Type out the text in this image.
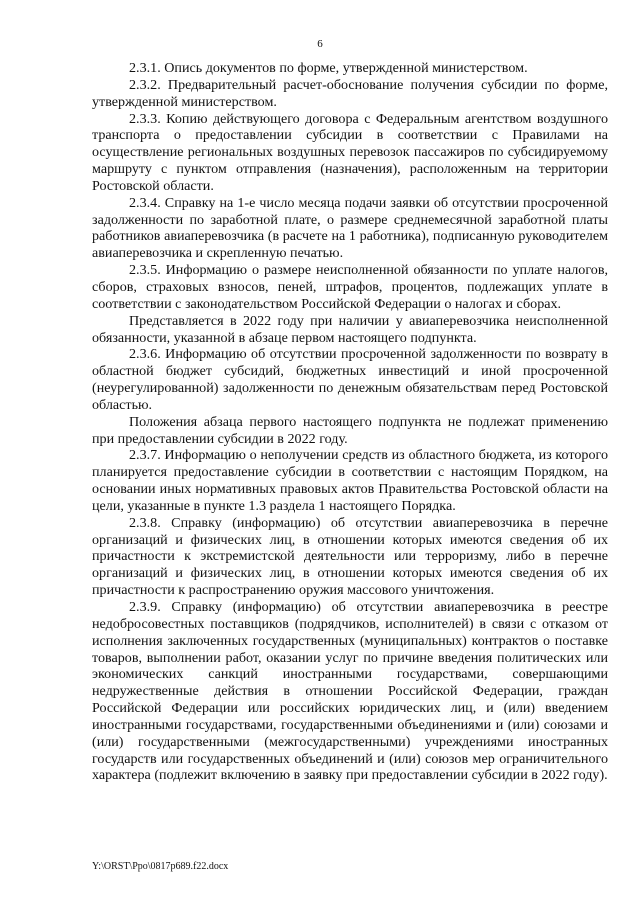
6

2.3.1. Опись документов по форме, утвержденной министерством.

2.3.2. Предварительный расчет-обоснование получения субсидии по форме, утвержденной министерством.

2.3.3. Копию действующего договора с Федеральным агентством воздушного транспорта о предоставлении субсидии в соответствии с Правилами на осуществление региональных воздушных перевозок пассажиров по субсидируемому маршруту с пунктом отправления (назначения), расположенным на территории Ростовской области.

2.3.4. Справку на 1-е число месяца подачи заявки об отсутствии просроченной задолженности по заработной плате, о размере среднемесячной заработной платы работников авиаперевозчика (в расчете на 1 работника), подписанную руководителем авиаперевозчика и скрепленную печатью.

2.3.5. Информацию о размере неисполненной обязанности по уплате налогов, сборов, страховых взносов, пеней, штрафов, процентов, подлежащих уплате в соответствии с законодательством Российской Федерации о налогах и сборах.

Представляется в 2022 году при наличии у авиаперевозчика неисполненной обязанности, указанной в абзаце первом настоящего подпункта.

2.3.6. Информацию об отсутствии просроченной задолженности по возврату в областной бюджет субсидий, бюджетных инвестиций и иной просроченной (неурегулированной) задолженности по денежным обязательствам перед Ростовской областью.

Положения абзаца первого настоящего подпункта не подлежат применению при предоставлении субсидии в 2022 году.

2.3.7. Информацию о неполучении средств из областного бюджета, из которого планируется предоставление субсидии в соответствии с настоящим Порядком, на основании иных нормативных правовых актов Правительства Ростовской области на цели, указанные в пункте 1.3 раздела 1 настоящего Порядка.

2.3.8. Справку (информацию) об отсутствии авиаперевозчика в перечне организаций и физических лиц, в отношении которых имеются сведения об их причастности к экстремистской деятельности или терроризму, либо в перечне организаций и физических лиц, в отношении которых имеются сведения об их причастности к распространению оружия массового уничтожения.

2.3.9. Справку (информацию) об отсутствии авиаперевозчика в реестре недобросовестных поставщиков (подрядчиков, исполнителей) в связи с отказом от исполнения заключенных государственных (муниципальных) контрактов о поставке товаров, выполнении работ, оказании услуг по причине введения политических или экономических санкций иностранными государствами, совершающими недружественные действия в отношении Российской Федерации, граждан Российской Федерации или российских юридических лиц, и (или) введением иностранными государствами, государственными объединениями и (или) союзами и (или) государственными (межгосударственными) учреждениями иностранных государств или государственных объединений и (или) союзов мер ограничительного характера (подлежит включению в заявку при предоставлении субсидии в 2022 году).

Y:\ORST\Ppo\0817p689.f22.docx
